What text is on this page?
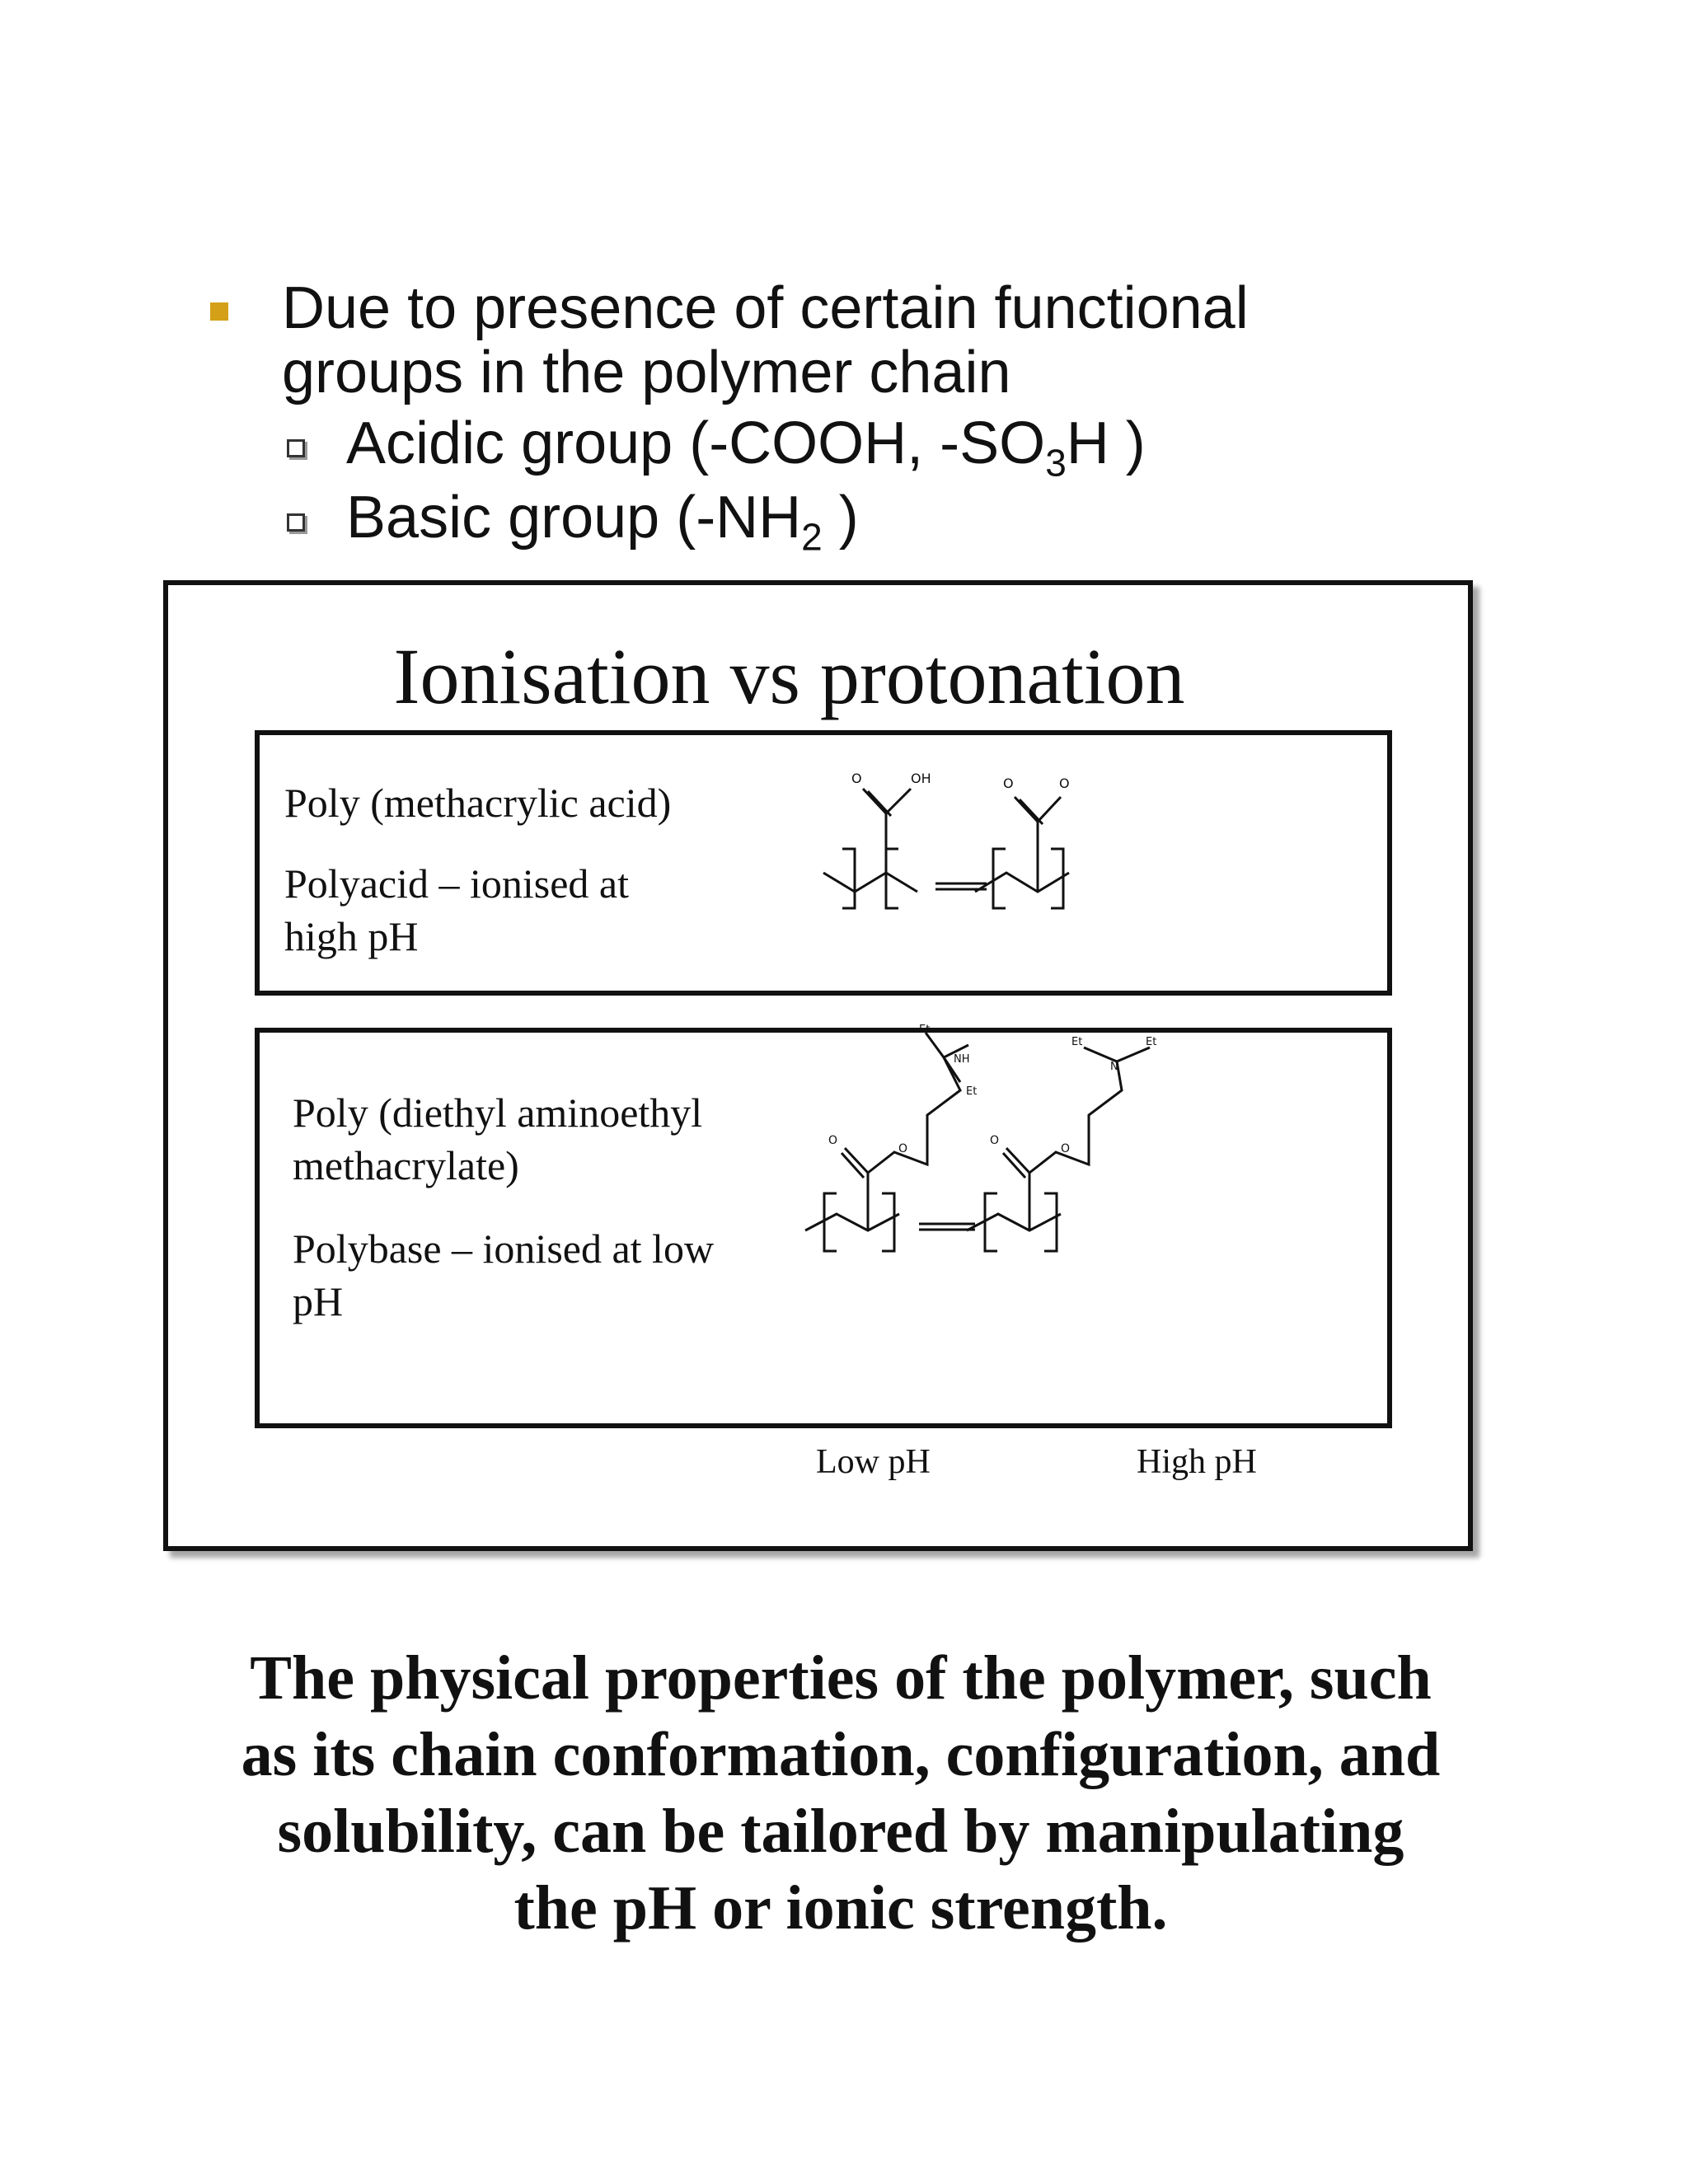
Due to presence of certain functional
groups in the polymer chain
Acidic group (-COOH, $-SO_3H$ )
Basic group ($-NH_2$ )
Ionisation vs protonation
Poly (methacrylic acid)
Polyacid – ionised at
high pH
O	OH	O	O
Poly (diethyl aminoethyl
methacrylate)
Polybase – ionised at low
pH
O
O
Et
NH
Et
O
O
N
Et	Et
Low pH	High pH
The physical properties of the polymer, such
as its chain conformation, configuration, and
solubility, can be tailored by manipulating
the pH or ionic strength.
